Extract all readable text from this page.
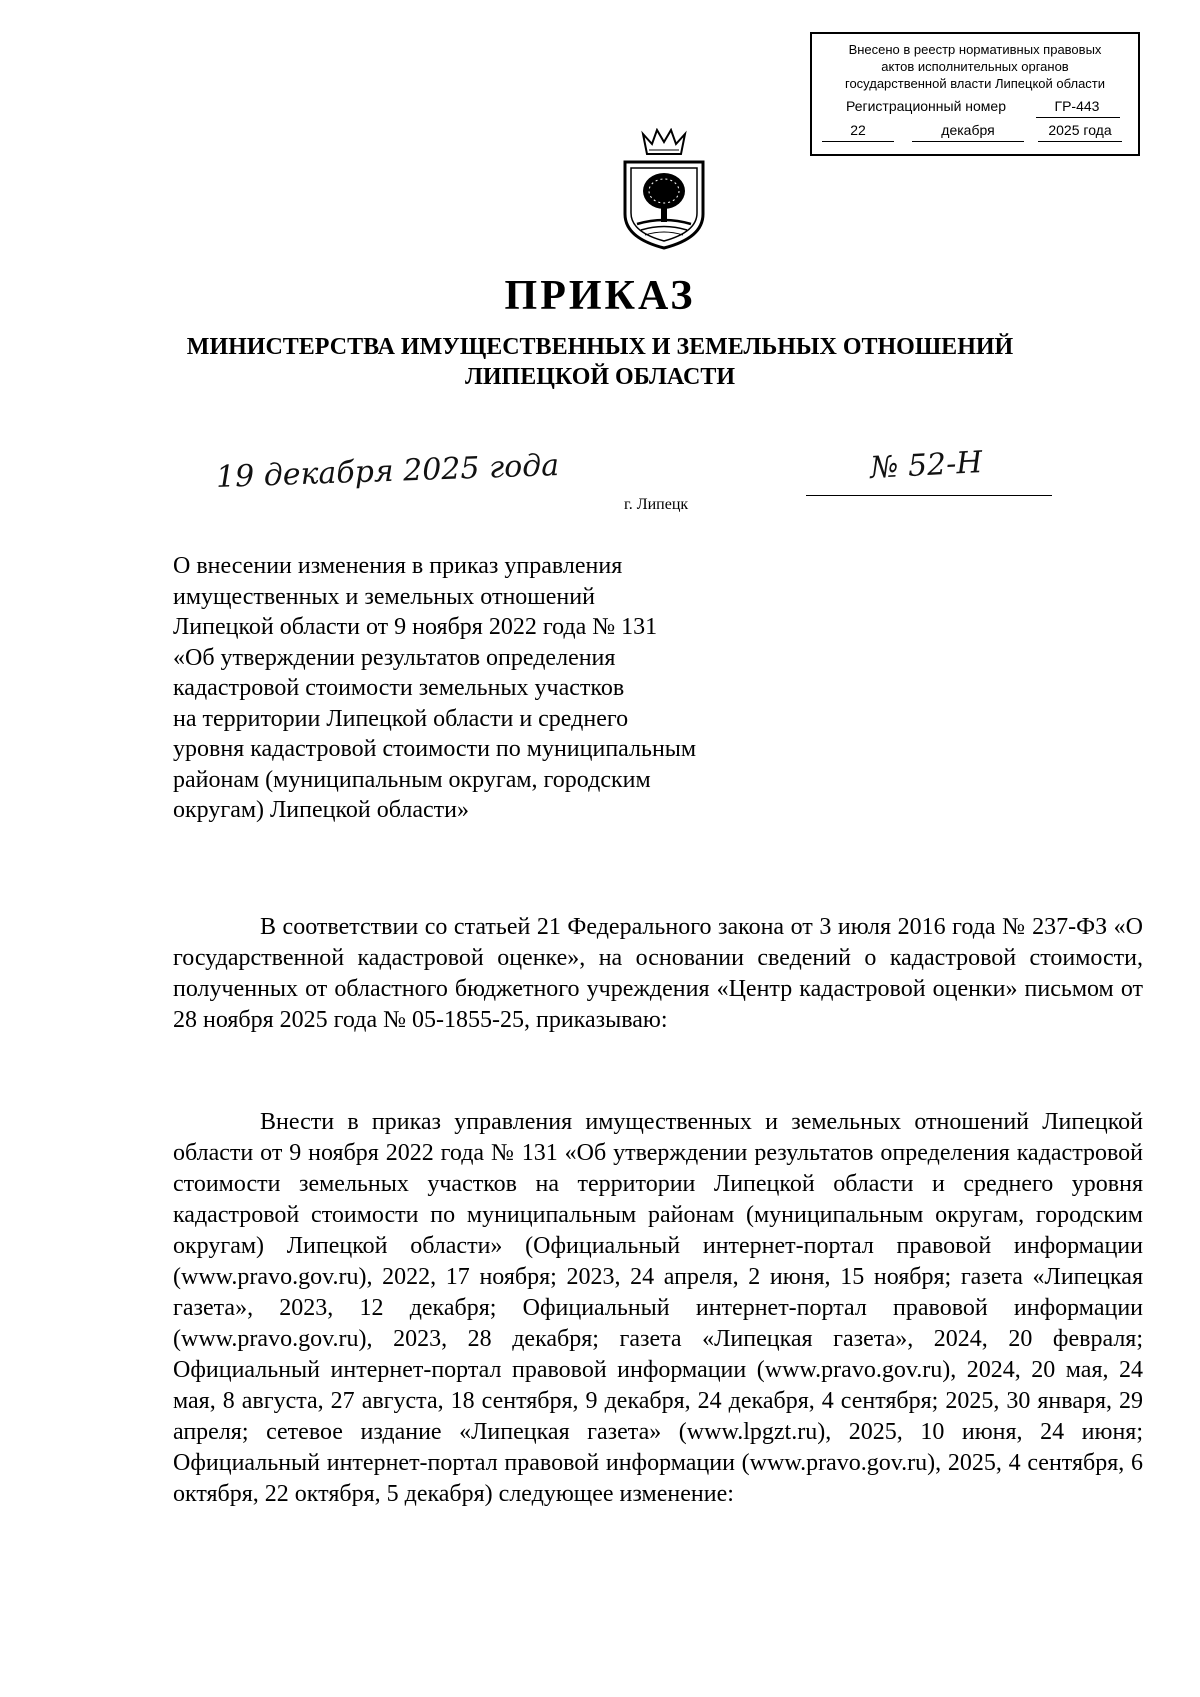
Внесено в реестр нормативных правовых
актов исполнительных органов
государственной власти Липецкой области
Регистрационный номер	ГР-443
22	декабря	2025 года
ПРИКАЗ
МИНИСТЕРСТВА ИМУЩЕСТВЕННЫХ И ЗЕМЕЛЬНЫХ ОТНОШЕНИЙ
ЛИПЕЦКОЙ ОБЛАСТИ
19 декабря 2025 года
г. Липецк
№ 52-Н
О внесении изменения в приказ управления
имущественных и земельных отношений
Липецкой области от 9 ноября 2022 года № 131
«Об утверждении результатов определения
кадастровой стоимости земельных участков
на территории Липецкой области и среднего
уровня кадастровой стоимости по муниципальным
районам (муниципальным округам, городским
округам) Липецкой области»
В соответствии со статьей 21 Федерального закона от 3 июля 2016 года № 237-ФЗ «О государственной кадастровой оценке», на основании сведений о кадастровой стоимости, полученных от областного бюджетного учреждения «Центр кадастровой оценки» письмом от 28 ноября 2025 года № 05-1855-25, приказываю:
Внести в приказ управления имущественных и земельных отношений Липецкой области от 9 ноября 2022 года № 131 «Об утверждении результатов определения кадастровой стоимости земельных участков на территории Липецкой области и среднего уровня кадастровой стоимости по муниципальным районам (муниципальным округам, городским округам) Липецкой области» (Официальный интернет-портал правовой информации (www.pravo.gov.ru), 2022, 17 ноября; 2023, 24 апреля, 2 июня, 15 ноября; газета «Липецкая газета», 2023, 12 декабря; Официальный интернет-портал правовой информации (www.pravo.gov.ru), 2023, 28 декабря; газета «Липецкая газета», 2024, 20 февраля; Официальный интернет-портал правовой информации (www.pravo.gov.ru), 2024, 20 мая, 24 мая, 8 августа, 27 августа, 18 сентября, 9 декабря, 24 декабря, 4 сентября; 2025, 30 января, 29 апреля; сетевое издание «Липецкая газета» (www.lpgzt.ru), 2025, 10 июня, 24 июня; Официальный интернет-портал правовой информации (www.pravo.gov.ru), 2025, 4 сентября, 6 октября, 22 октября, 5 декабря) следующее изменение:
